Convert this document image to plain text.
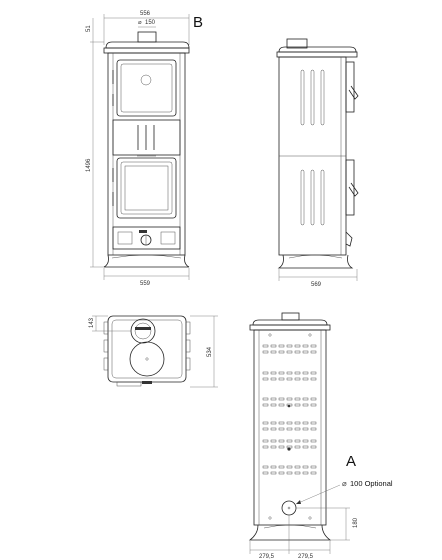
556
⌀ 150	B
1496
51
559	569
143
534
⌀ 100 Optional
A
180
279,5	279,5
